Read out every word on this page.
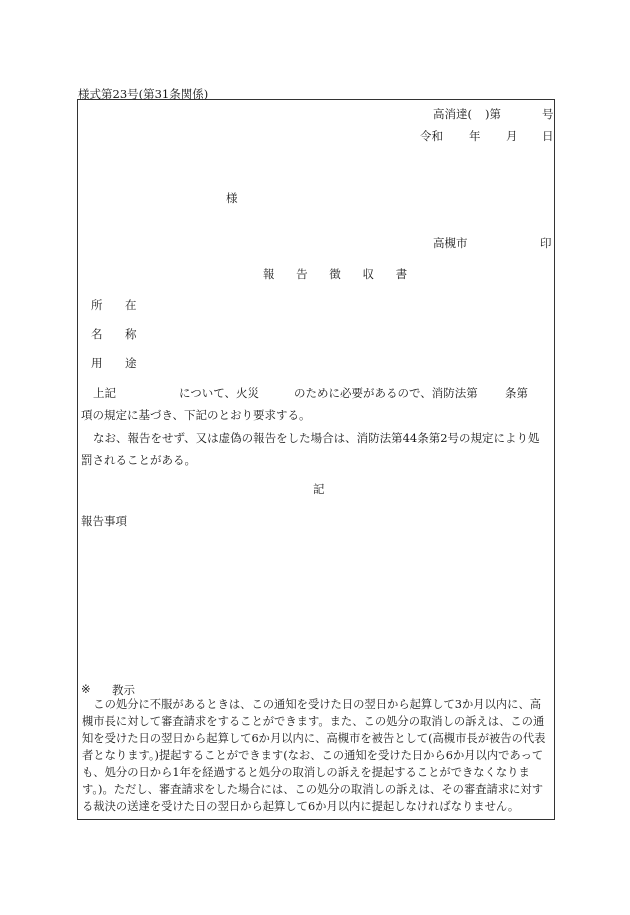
様式第23号(第31条関係)
高消達( )第	号
令和 年 月 日
様
高槻市	印
報 告 徴 収 書
所 在
名 称
用 途
上記	について、火災	のために必要があるので、消防法第 条第
項の規定に基づき、下記のとおり要求する。
なお、報告をせず、又は虚偽の報告をした場合は、消防法第44条第2号の規定により処
罰されることがある。
記
報告事項
※ 教示
この処分に不服があるときは、この通知を受けた日の翌日から起算して3か月以内に、高槻市長に対して審査請求をすることができます。また、この処分の取消しの訴えは、この通知を受けた日の翌日から起算して6か月以内に、高槻市を被告として(高槻市長が被告の代表者となります。)提起することができます(なお、この通知を受けた日から6か月以内であっても、処分の日から1年を経過すると処分の取消しの訴えを提起することができなくなります。)。ただし、審査請求をした場合には、この処分の取消しの訴えは、その審査請求に対する裁決の送達を受けた日の翌日から起算して6か月以内に提起しなければなりません。
